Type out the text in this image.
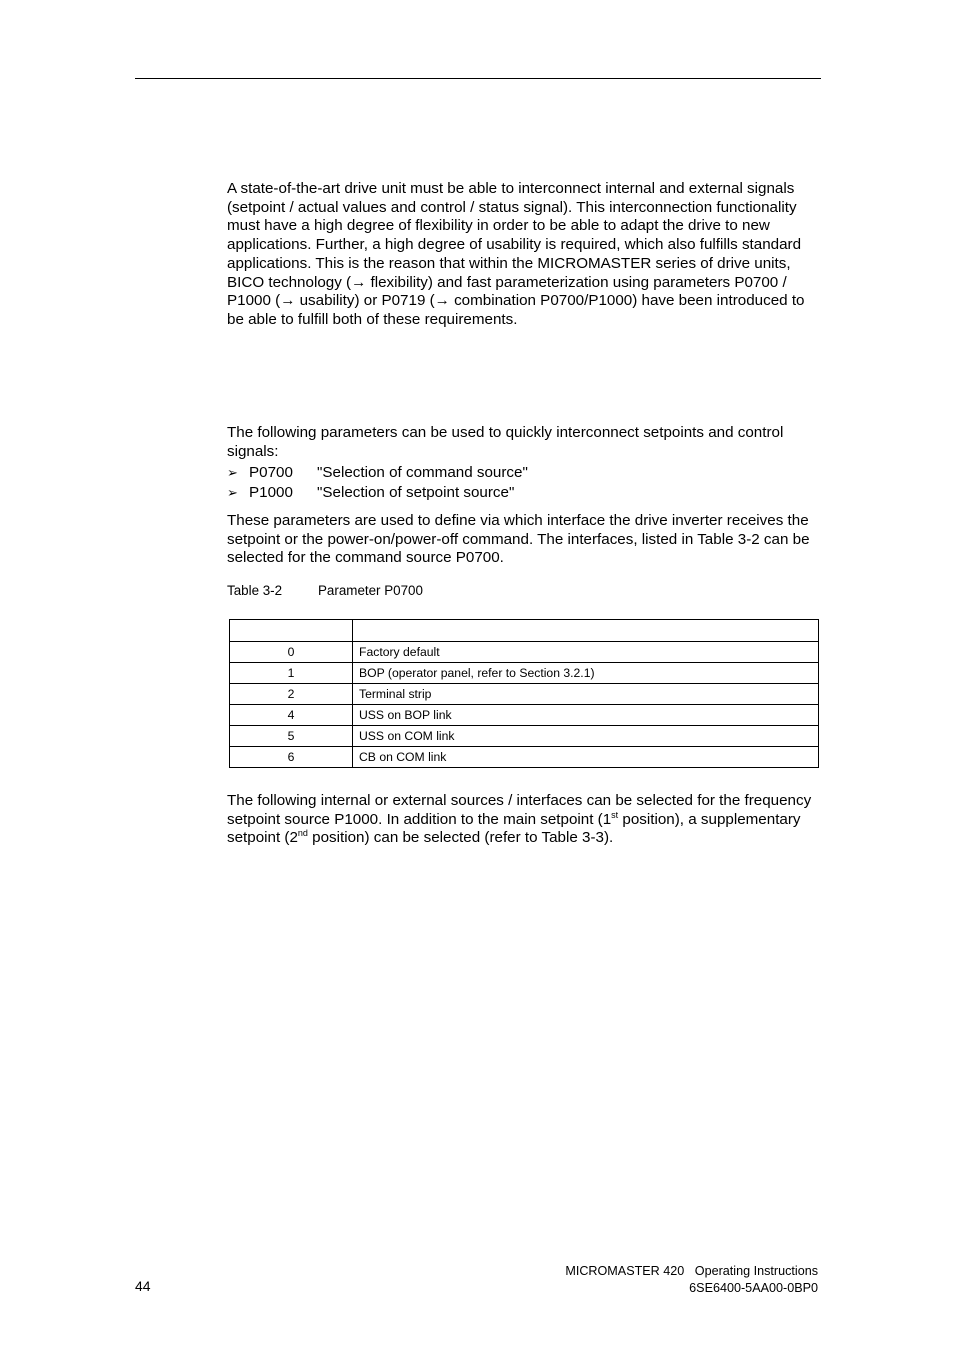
A state-of-the-art drive unit must be able to interconnect internal and external signals (setpoint / actual values and control / status signal). This interconnection functionality must have a high degree of flexibility in order to be able to adapt the drive to new applications. Further, a high degree of usability is required, which also fulfills standard applications. This is the reason that within the MICROMASTER series of drive units, BICO technology (→ flexibility) and fast parameterization using parameters P0700 / P1000 (→ usability) or P0719 (→ combination P0700/P1000) have been introduced to be able to fulfill both of these requirements.

The following parameters can be used to quickly interconnect setpoints and control signals:

➢ P0700 "Selection of command source"
➢ P1000 "Selection of setpoint source"

These parameters are used to define via which interface the drive inverter receives the setpoint or the power-on/power-off command. The interfaces, listed in Table 3-2 can be selected for the command source P0700.

Table 3-2	Parameter P0700

0	Factory default
1	BOP (operator panel, refer to Section 3.2.1)
2	Terminal strip
4	USS on BOP link
5	USS on COM link
6	CB on COM link

The following internal or external sources / interfaces can be selected for the frequency setpoint source P1000. In addition to the main setpoint (1st position), a supplementary setpoint (2nd position) can be selected (refer to Table 3-3).

44
MICROMASTER 420 Operating Instructions
6SE6400-5AA00-0BP0
